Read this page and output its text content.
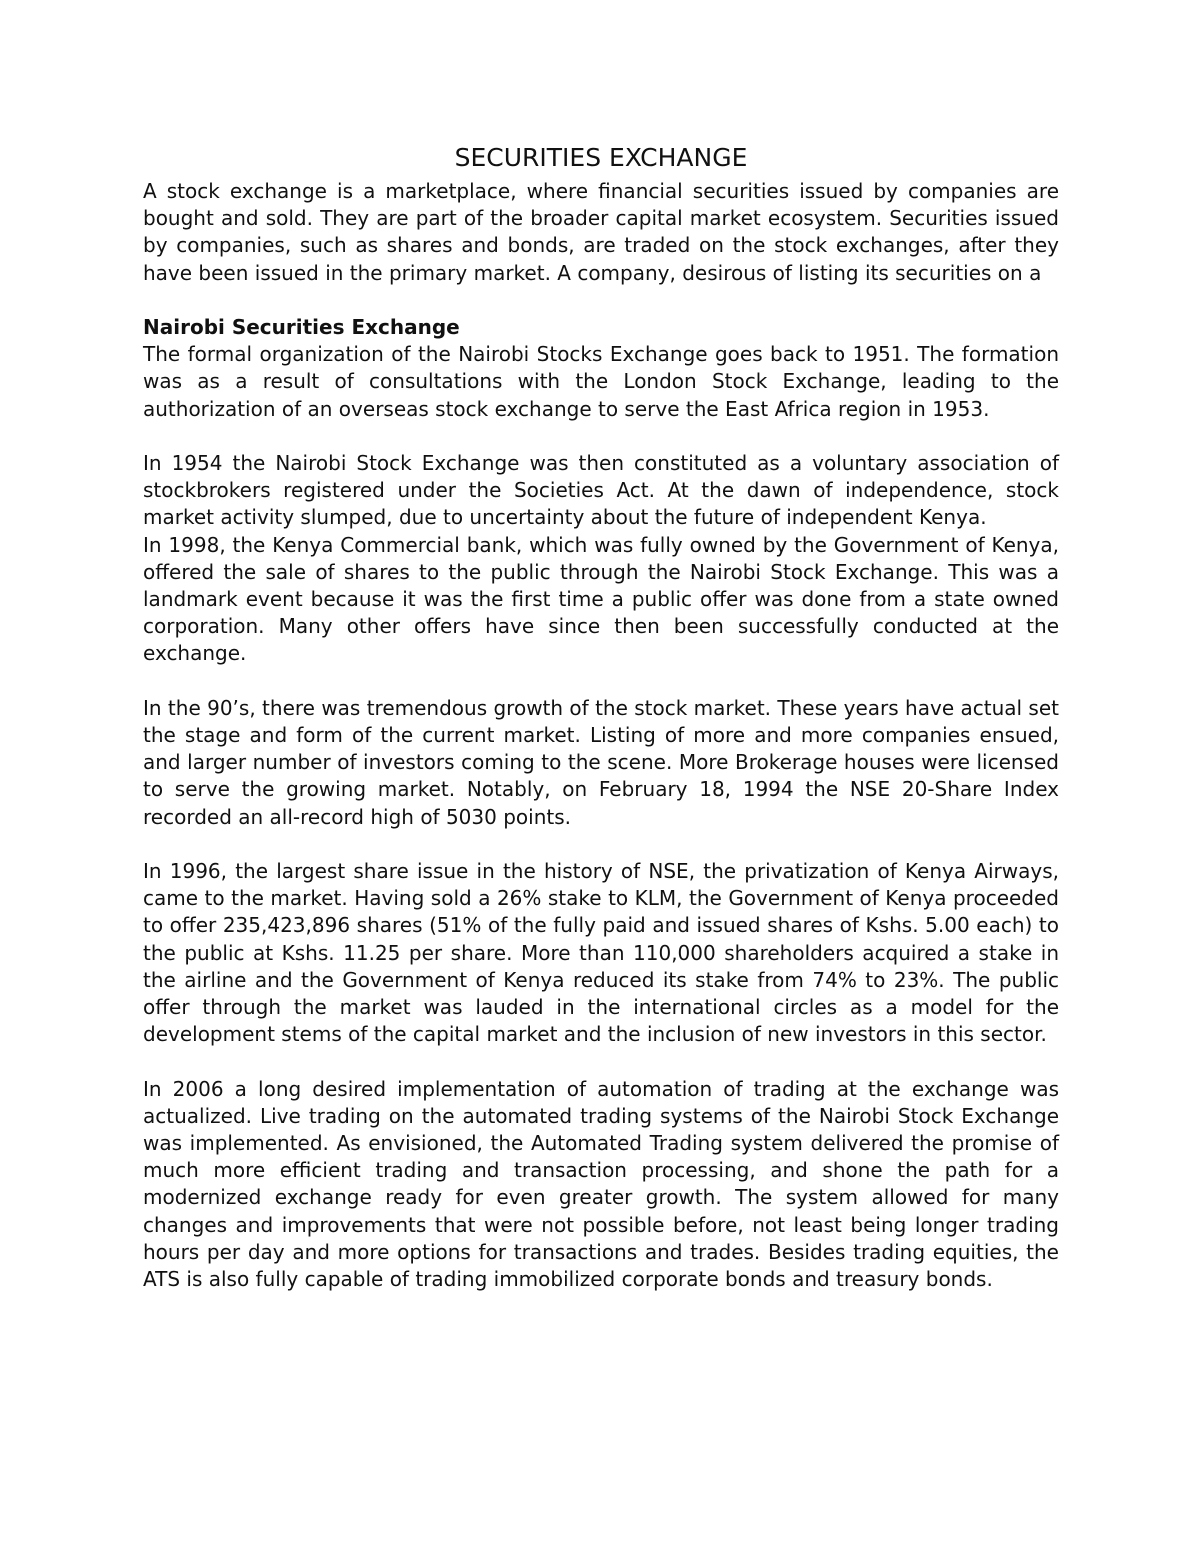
SECURITIES EXCHANGE

A stock exchange is a marketplace, where financial securities issued by companies are bought and sold. They are part of the broader capital market ecosystem. Securities issued by companies, such as shares and bonds, are traded on the stock exchanges, after they have been issued in the primary market. A company, desirous of listing its securities on a

Nairobi Securities Exchange

The formal organization of the Nairobi Stocks Exchange goes back to 1951. The formation was as a result of consultations with the London Stock Exchange, leading to the authorization of an overseas stock exchange to serve the East Africa region in 1953.

In 1954 the Nairobi Stock Exchange was then constituted as a voluntary association of stockbrokers registered under the Societies Act. At the dawn of independence, stock market activity slumped, due to uncertainty about the future of independent Kenya.

In 1998, the Kenya Commercial bank, which was fully owned by the Government of Kenya, offered the sale of shares to the public through the Nairobi Stock Exchange. This was a landmark event because it was the first time a public offer was done from a state owned corporation. Many other offers have since then been successfully conducted at the exchange.

In the 90’s, there was tremendous growth of the stock market. These years have actual set the stage and form of the current market. Listing of more and more companies ensued, and larger number of investors coming to the scene. More Brokerage houses were licensed to serve the growing market. Notably, on February 18, 1994 the NSE 20-Share Index recorded an all-record high of 5030 points.

In 1996, the largest share issue in the history of NSE, the privatization of Kenya Airways, came to the market. Having sold a 26% stake to KLM, the Government of Kenya proceeded to offer 235,423,896 shares (51% of the fully paid and issued shares of Kshs. 5.00 each) to the public at Kshs. 11.25 per share. More than 110,000 shareholders acquired a stake in the airline and the Government of Kenya reduced its stake from 74% to 23%. The public offer through the market was lauded in the international circles as a model for the development stems of the capital market and the inclusion of new investors in this sector.

In 2006 a long desired implementation of automation of trading at the exchange was actualized. Live trading on the automated trading systems of the Nairobi Stock Exchange was implemented. As envisioned, the Automated Trading system delivered the promise of much more efficient trading and transaction processing, and shone the path for a modernized exchange ready for even greater growth. The system allowed for many changes and improvements that were not possible before, not least being longer trading hours per day and more options for transactions and trades. Besides trading equities, the ATS is also fully capable of trading immobilized corporate bonds and treasury bonds.
